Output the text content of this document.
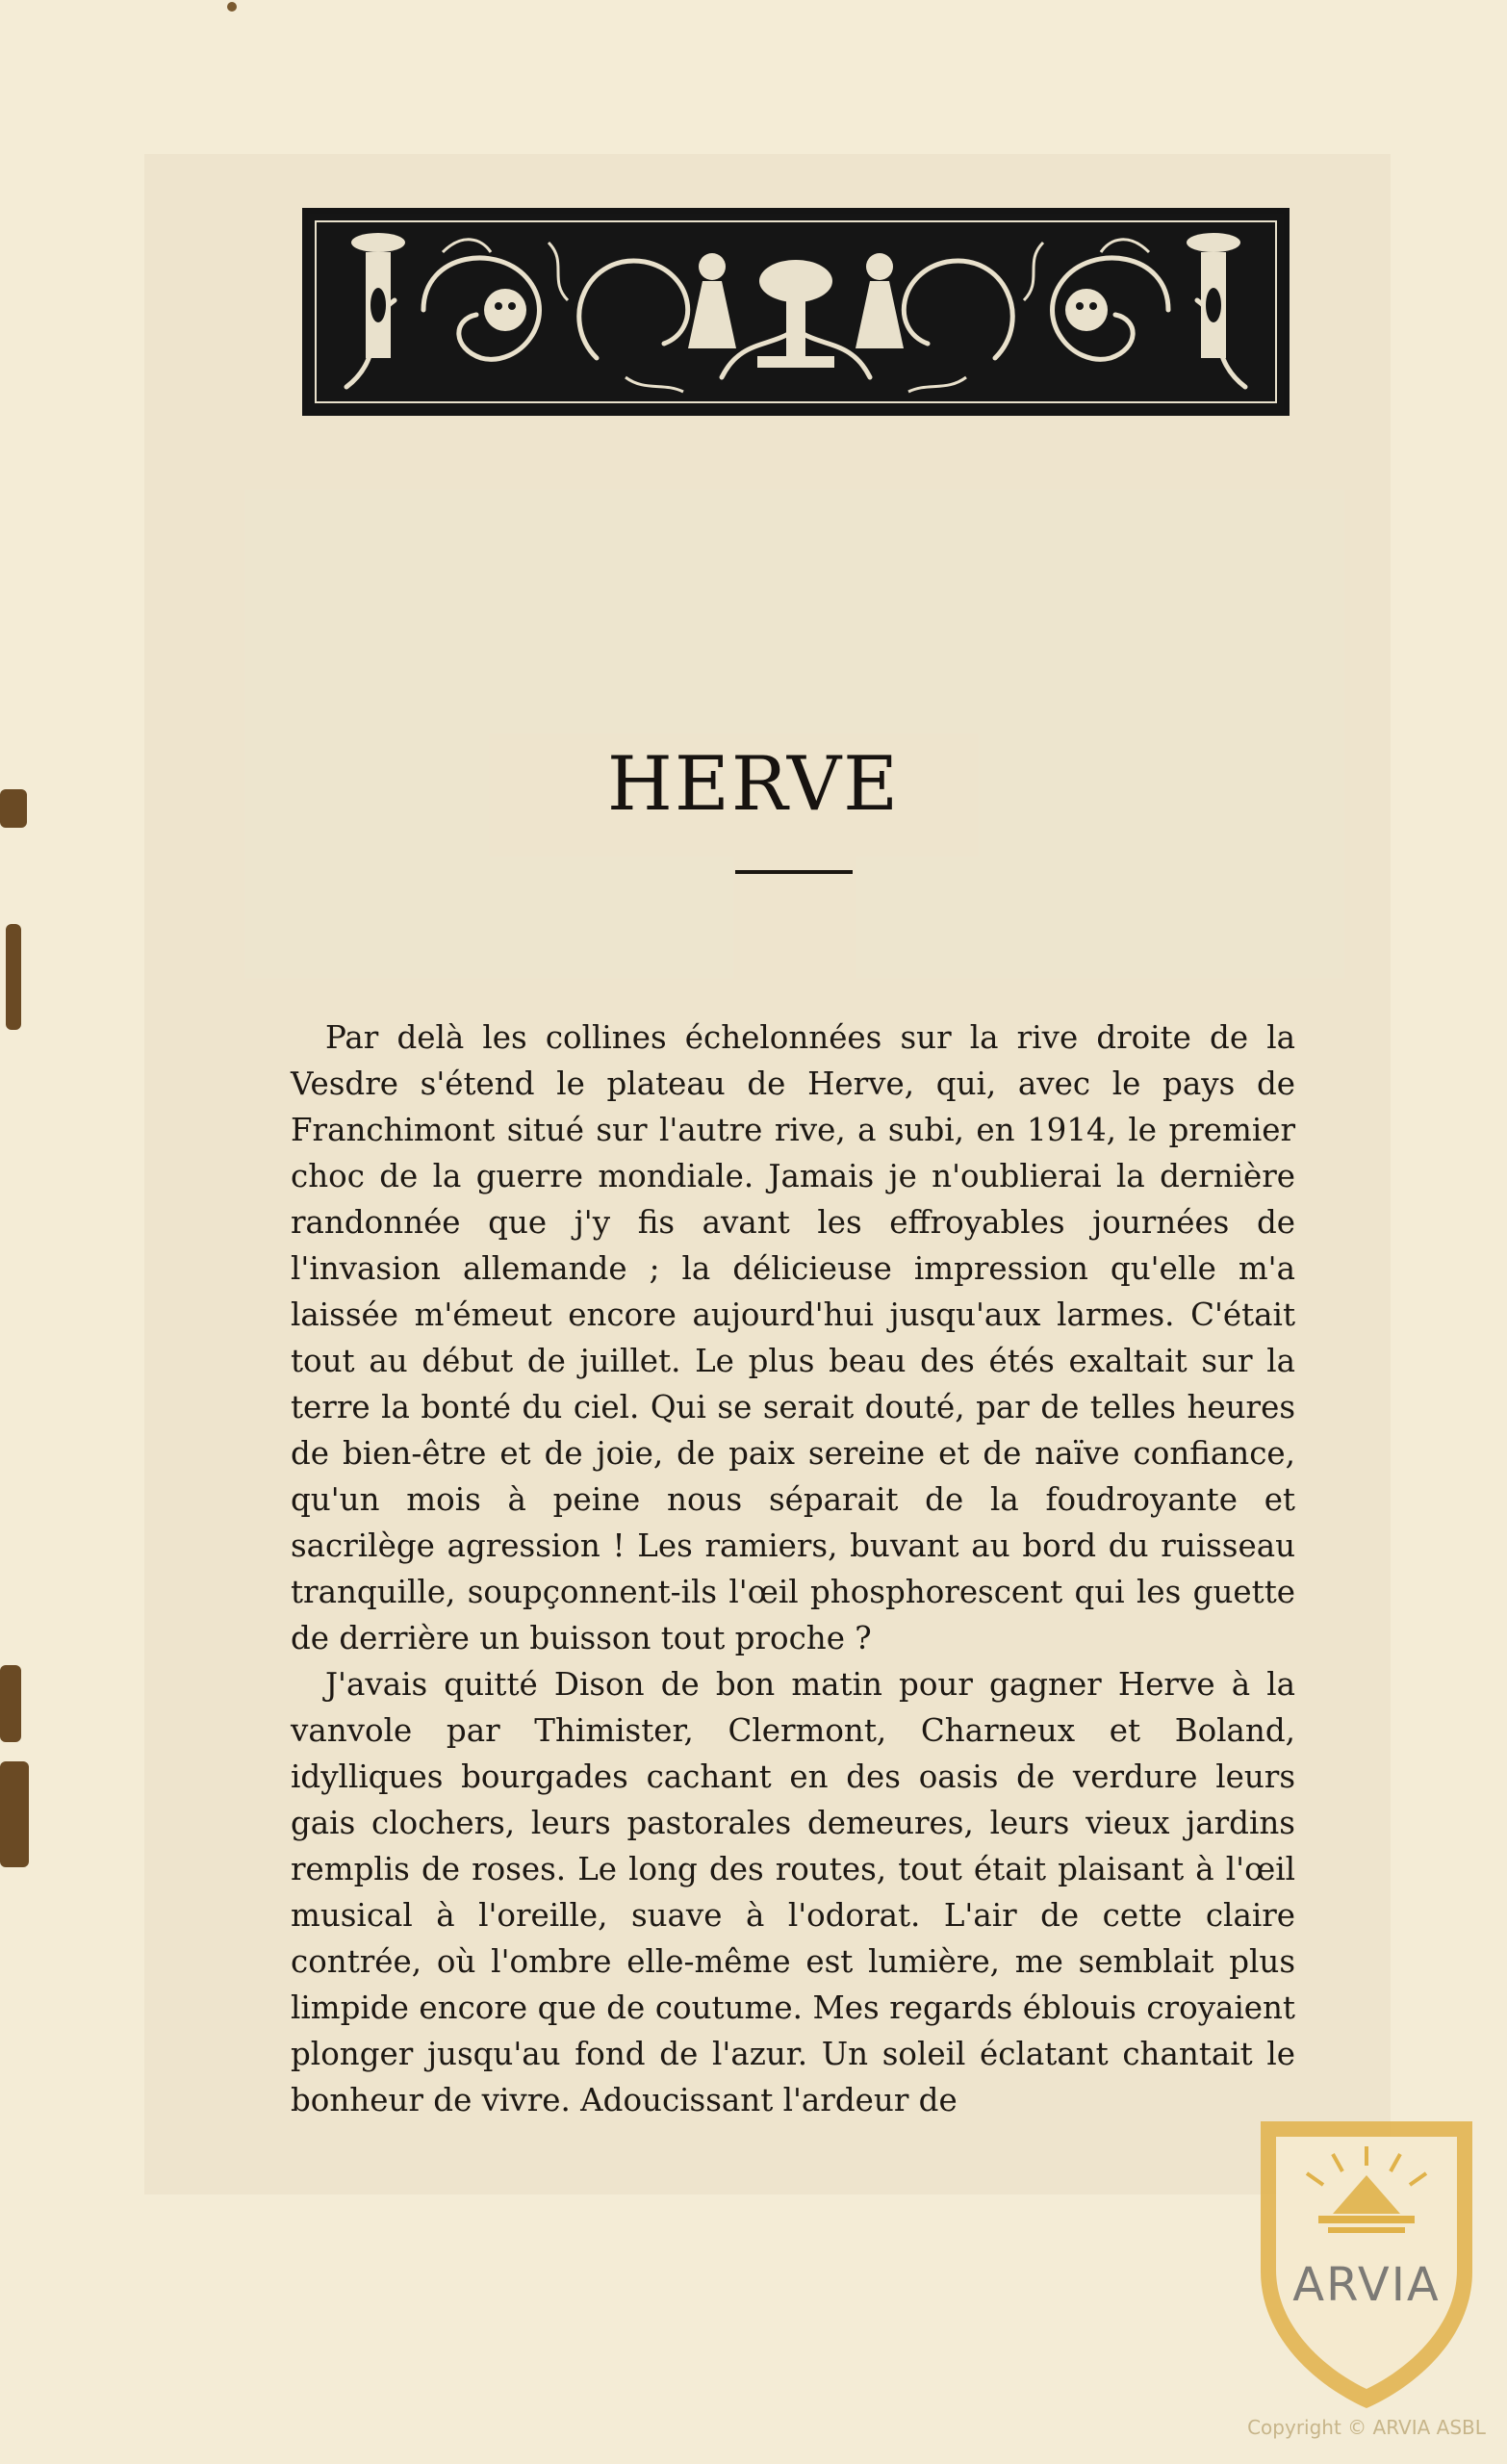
HERVE

Par delà les collines échelonnées sur la rive droite de la Vesdre s'étend le plateau de Herve, qui, avec le pays de Franchimont situé sur l'autre rive, a subi, en 1914, le premier choc de la guerre mondiale. Jamais je n'oublierai la dernière randonnée que j'y fis avant les effroyables journées de l'invasion allemande ; la délicieuse impression qu'elle m'a laissée m'émeut encore aujourd'hui jusqu'aux larmes. C'était tout au début de juillet. Le plus beau des étés exaltait sur la terre la bonté du ciel. Qui se serait douté, par de telles heures de bien-être et de joie, de paix sereine et de naïve confiance, qu'un mois à peine nous séparait de la foudroyante et sacrilège agression ! Les ramiers, buvant au bord du ruisseau tranquille, soupçonnent-ils l'œil phosphorescent qui les guette de derrière un buisson tout proche ?

J'avais quitté Dison de bon matin pour gagner Herve à la vanvole par Thimister, Clermont, Charneux et Boland, idylliques bourgades cachant en des oasis de verdure leurs gais clochers, leurs pastorales demeures, leurs vieux jardins remplis de roses. Le long des routes, tout était plaisant à l'œil musical à l'oreille, suave à l'odorat. L'air de cette claire contrée, où l'ombre elle-même est lumière, me semblait plus limpide encore que de coutume. Mes regards éblouis croyaient plonger jusqu'au fond de l'azur. Un soleil éclatant chantait le bonheur de vivre. Adoucissant l'ardeur de

ARVIA
Copyright © ARVIA ASBL
